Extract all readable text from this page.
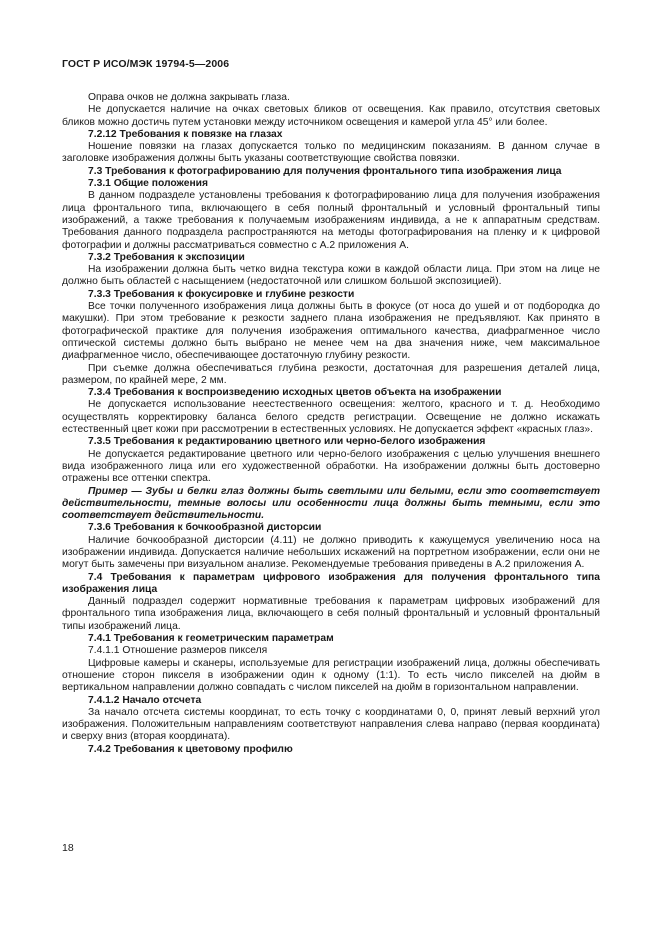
ГОСТ Р ИСО/МЭК 19794-5—2006

Оправа очков не должна закрывать глаза.

Не допускается наличие на очках световых бликов от освещения. Как правило, отсутствия световых бликов можно достичь путем установки между источником освещения и камерой угла 45° или более.

7.2.12 Требования к повязке на глазах

Ношение повязки на глазах допускается только по медицинским показаниям. В данном случае в заголовке изображения должны быть указаны соответствующие свойства повязки.

7.3 Требования к фотографированию для получения фронтального типа изображения лица

7.3.1 Общие положения

В данном подразделе установлены требования к фотографированию лица для получения изображения лица фронтального типа, включающего в себя полный фронтальный и условный фронтальный типы изображений, а также требования к получаемым изображениям индивида, а не к аппаратным средствам. Требования данного подраздела распространяются на методы фотографирования на пленку и к цифровой фотографии и должны рассматриваться совместно с А.2 приложения А.

7.3.2 Требования к экспозиции

На изображении должна быть четко видна текстура кожи в каждой области лица. При этом на лице не должно быть областей с насыщением (недостаточной или слишком большой экспозицией).

7.3.3 Требования к фокусировке и глубине резкости

Все точки полученного изображения лица должны быть в фокусе (от носа до ушей и от подбородка до макушки). При этом требование к резкости заднего плана изображения не предъявляют. Как принято в фотографической практике для получения изображения оптимального качества, диафрагменное число оптической системы должно быть выбрано не менее чем на два значения ниже, чем максимальное диафрагменное число, обеспечивающее достаточную глубину резкости.

При съемке должна обеспечиваться глубина резкости, достаточная для разрешения деталей лица, размером, по крайней мере, 2 мм.

7.3.4 Требования к воспроизведению исходных цветов объекта на изображении

Не допускается использование неестественного освещения: желтого, красного и т. д. Необходимо осуществлять корректировку баланса белого средств регистрации. Освещение не должно искажать естественный цвет кожи при рассмотрении в естественных условиях. Не допускается эффект «красных глаз».

7.3.5 Требования к редактированию цветного или черно-белого изображения

Не допускается редактирование цветного или черно-белого изображения с целью улучшения внешнего вида изображенного лица или его художественной обработки. На изображении должны быть достоверно отражены все оттенки спектра.

Пример — Зубы и белки глаз должны быть светлыми или белыми, если это соответствует действительности, темные волосы или особенности лица должны быть темными, если это соответствует действительности.

7.3.6 Требования к бочкообразной дисторсии

Наличие бочкообразной дисторсии (4.11) не должно приводить к кажущемуся увеличению носа на изображении индивида. Допускается наличие небольших искажений на портретном изображении, если они не могут быть замечены при визуальном анализе. Рекомендуемые требования приведены в А.2 приложения А.

7.4 Требования к параметрам цифрового изображения для получения фронтального типа изображения лица

Данный подраздел содержит нормативные требования к параметрам цифровых изображений для фронтального типа изображения лица, включающего в себя полный фронтальный и условный фронтальный типы изображений лица.

7.4.1 Требования к геометрическим параметрам

7.4.1.1 Отношение размеров пикселя

Цифровые камеры и сканеры, используемые для регистрации изображений лица, должны обеспечивать отношение сторон пикселя в изображении один к одному (1:1). То есть число пикселей на дюйм в вертикальном направлении должно совпадать с числом пикселей на дюйм в горизонтальном направлении.

7.4.1.2 Начало отсчета

За начало отсчета системы координат, то есть точку с координатами 0, 0, принят левый верхний угол изображения. Положительным направлениям соответствуют направления слева направо (первая координата) и сверху вниз (вторая координата).

7.4.2 Требования к цветовому профилю

18
